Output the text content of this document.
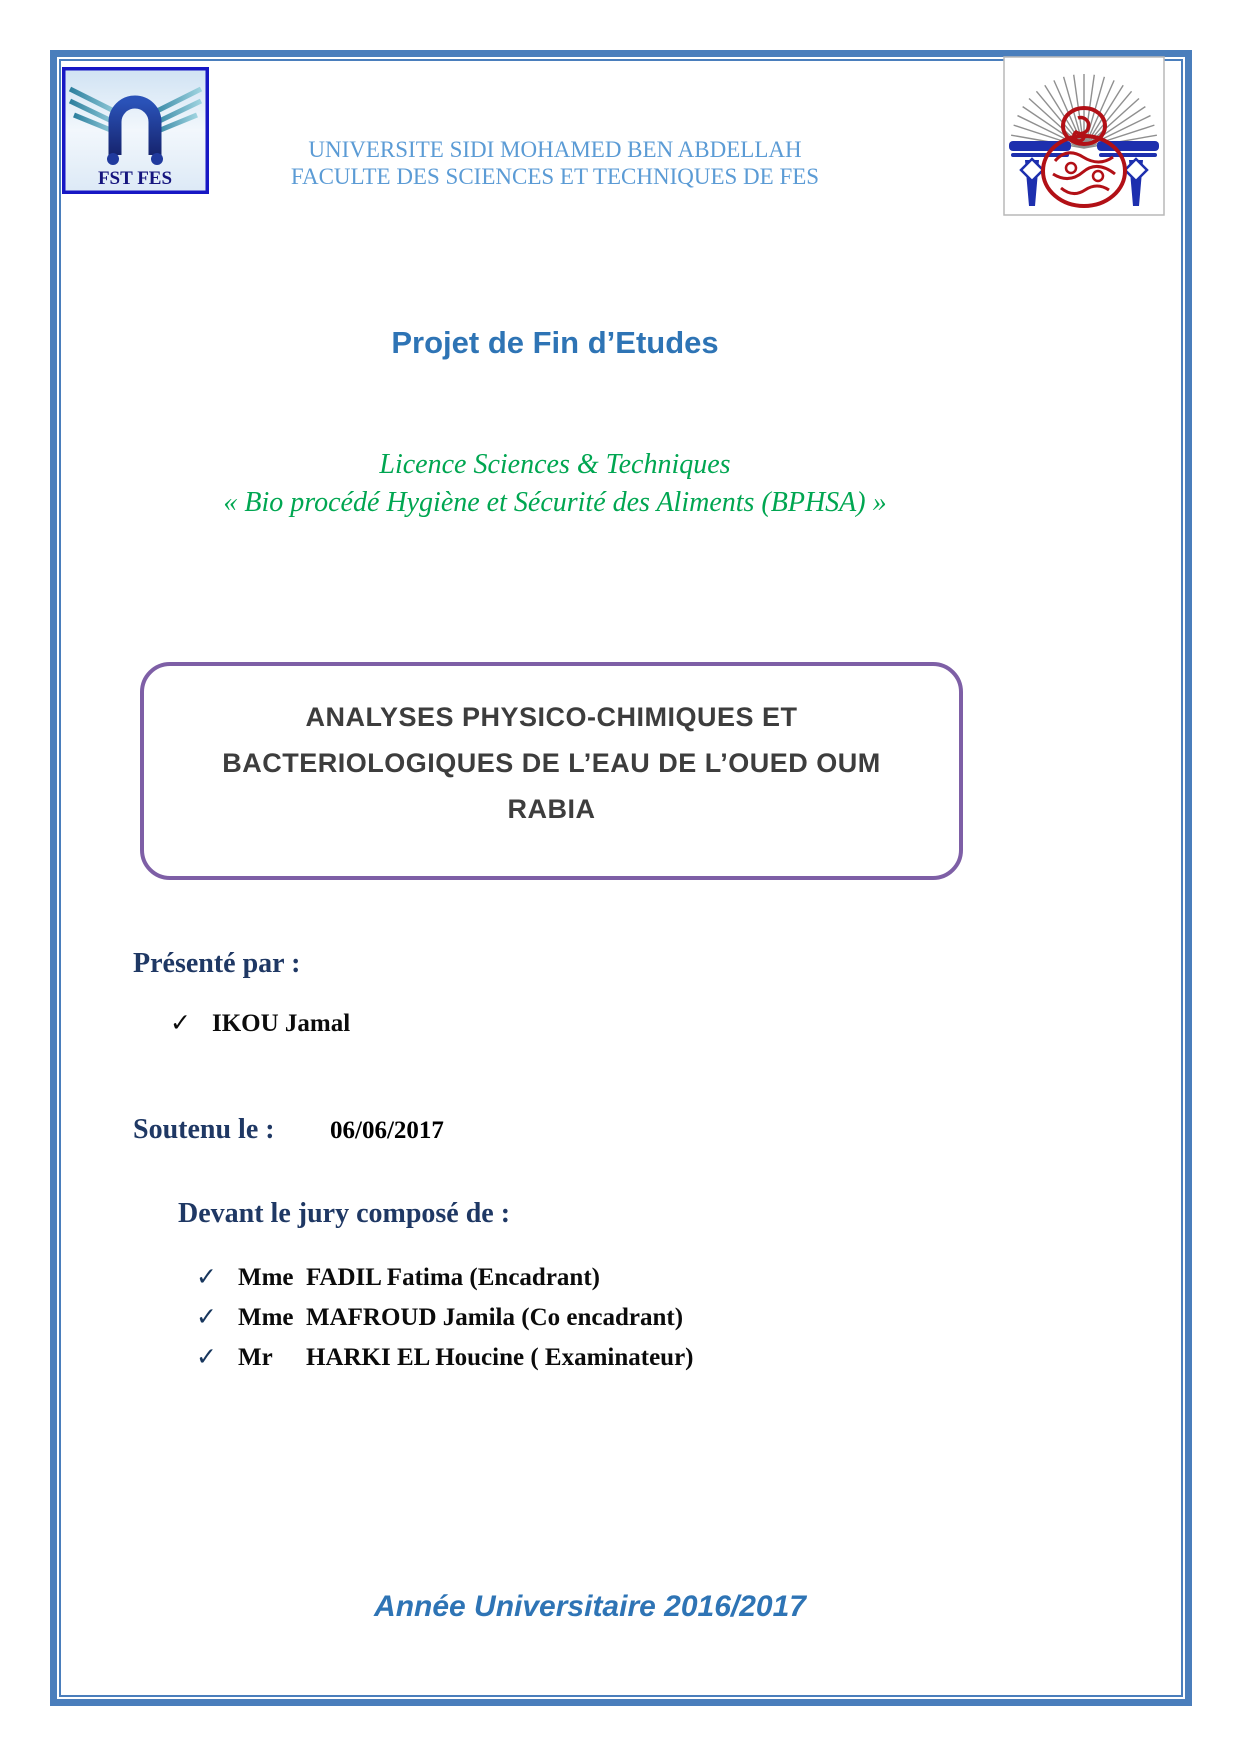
FST FES
UNIVERSITE SIDI MOHAMED BEN ABDELLAH
FACULTE DES SCIENCES ET TECHNIQUES DE FES
Projet de Fin d’Etudes
Licence Sciences & Techniques
« Bio procédé Hygiène et Sécurité des Aliments (BPHSA) »
ANALYSES PHYSICO-CHIMIQUES ET
BACTERIOLOGIQUES DE L’EAU DE L’OUED OUM
RABIA
Présenté par :
✓ IKOU Jamal
Soutenu le : 06/06/2017
Devant le jury composé de :
✓ Mme FADIL Fatima (Encadrant)
✓ Mme MAFROUD Jamila (Co encadrant)
✓ Mr	HARKI EL Houcine ( Examinateur)
Année Universitaire 2016/2017
